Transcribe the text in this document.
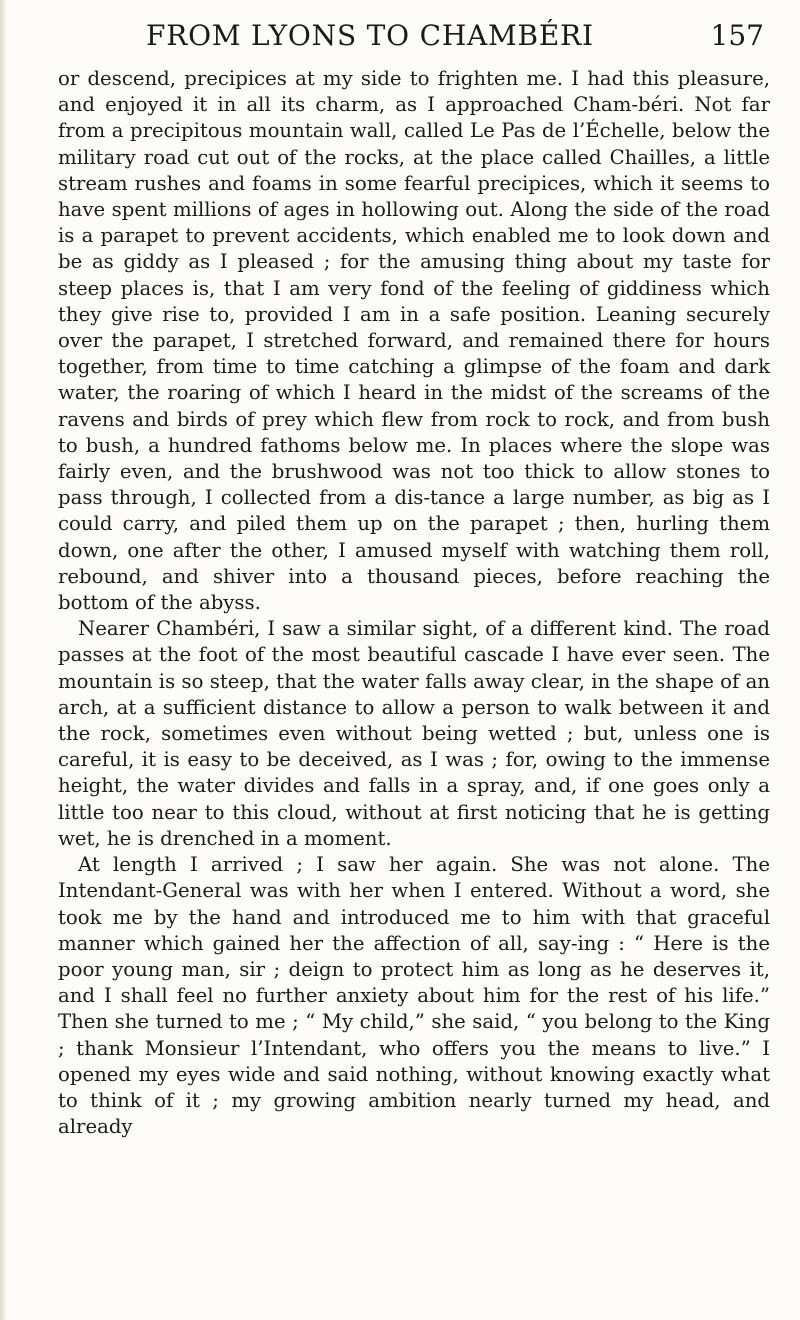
FROM LYONS TO CHAMBÉRI	157

or descend, precipices at my side to frighten me. I had this pleasure, and enjoyed it in all its charm, as I approached Cham-béri. Not far from a precipitous mountain wall, called Le Pas de l’Échelle, below the military road cut out of the rocks, at the place called Chailles, a little stream rushes and foams in some fearful precipices, which it seems to have spent millions of ages in hollowing out. Along the side of the road is a parapet to prevent accidents, which enabled me to look down and be as giddy as I pleased ; for the amusing thing about my taste for steep places is, that I am very fond of the feeling of giddiness which they give rise to, provided I am in a safe position. Leaning securely over the parapet, I stretched forward, and remained there for hours together, from time to time catching a glimpse of the foam and dark water, the roaring of which I heard in the midst of the screams of the ravens and birds of prey which flew from rock to rock, and from bush to bush, a hundred fathoms below me. In places where the slope was fairly even, and the brushwood was not too thick to allow stones to pass through, I collected from a dis-tance a large number, as big as I could carry, and piled them up on the parapet ; then, hurling them down, one after the other, I amused myself with watching them roll, rebound, and shiver into a thousand pieces, before reaching the bottom of the abyss.

Nearer Chambéri, I saw a similar sight, of a different kind. The road passes at the foot of the most beautiful cascade I have ever seen. The mountain is so steep, that the water falls away clear, in the shape of an arch, at a sufficient distance to allow a person to walk between it and the rock, sometimes even without being wetted ; but, unless one is careful, it is easy to be deceived, as I was ; for, owing to the immense height, the water divides and falls in a spray, and, if one goes only a little too near to this cloud, without at first noticing that he is getting wet, he is drenched in a moment.

At length I arrived ; I saw her again. She was not alone. The Intendant-General was with her when I entered. Without a word, she took me by the hand and introduced me to him with that graceful manner which gained her the affection of all, say-ing : “ Here is the poor young man, sir ; deign to protect him as long as he deserves it, and I shall feel no further anxiety about him for the rest of his life.” Then she turned to me ; “ My child,” she said, “ you belong to the King ; thank Monsieur l’Intendant, who offers you the means to live.” I opened my eyes wide and said nothing, without knowing exactly what to think of it ; my growing ambition nearly turned my head, and already
